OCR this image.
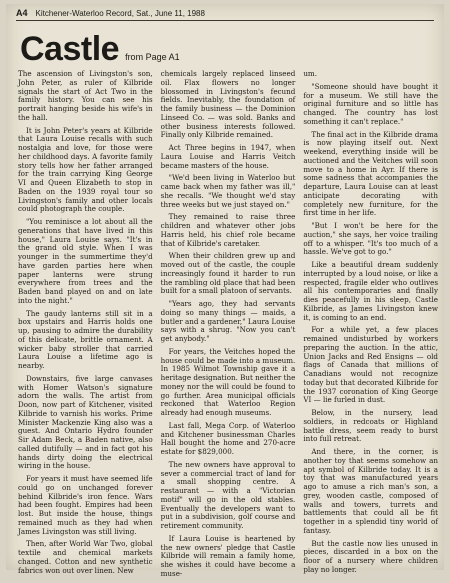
A4 Kitchener-Waterloo Record, Sat., June 11, 1988
Castle from Page A1

The ascension of Livingston's son, John Peter, as ruler of Kilbride signals the start of Act Two in the family history. You can see his portrait hanging beside his wife's in the hall.

It is John Peter's years at Kilbride that Laura Louise recalls with such nostalgia and love, for those were her childhood days. A favorite family story tells how her father arranged for the train carrying King George VI and Queen Elizabeth to stop in Baden on the 1939 royal tour so Livingston's family and other locals could photograph the couple.

"You reminisce a lot about all the generations that have lived in this house," Laura Louise says. "It's in the grand old style. When I was younger in the summertime they'd have garden parties here when paper lanterns were strung everywhere from trees and the Baden band played on and on late into the night."

The gaudy lanterns still sit in a box upstairs and Harris holds one up, pausing to admire the durability of this delicate, brittle ornament. A wicker baby stroller that carried Laura Louise a lifetime ago is nearby.

Downstairs, five large canvases with Homer Watson's signature adorn the walls. The artist from Doon, now part of Kitchener, visited Kilbride to varnish his works. Prime Minister Mackenzie King also was a guest. And Ontario Hydro founder Sir Adam Beck, a Baden native, also called dutifully — and in fact got his hands dirty doing the electrical wiring in the house.

For years it must have seemed life could go on unchanged forever behind Kilbride's iron fence. Wars had been fought. Empires had been lost. But inside the house, things remained much as they had when James Livingston was still living.

Then, after World War Two, global textile and chemical markets changed. Cotton and new synthetic fabrics won out over linen. New

chemicals largely replaced linseed oil. Flax flowers no longer blossomed in Livingston's fecund fields. Inevitably, the foundation of the family business — the Dominion Linseed Co. — was sold. Banks and other business interests followed. Finally only Kilbride remained.

Act Three begins in 1947, when Laura Louise and Harris Veitch became masters of the house.

"We'd been living in Waterloo but came back when my father was ill," she recalls. "We thought we'd stay three weeks but we just stayed on."

They remained to raise three children and whatever other jobs Harris held, his chief role became that of Kilbride's caretaker.

When their children grew up and moved out of the castle, the couple increasingly found it harder to run the rambling old place that had been built for a small platoon of servants.

"Years ago, they had servants doing so many things — maids, a butler and a gardener," Laura Louise says with a shrug. "Now you can't get anybody."

For years, the Veitches hoped the house could be made into a museum. In 1985 Wilmot Township gave it a heritage designation. But neither the money nor the will could be found to go further. Area municipal officials reckoned that Waterloo Region already had enough museums.

Last fall, Mega Corp. of Waterloo and Kitchener businessman Charles Hall bought the home and 270-acre estate for $829,000.

The new owners have approval to sever a commercial tract of land for a small shopping centre. A restaurant — with a "Victorian motif" will go in the old stables. Eventually the developers want to put in a subdivision, golf course and retirement community.

If Laura Louise is heartened by the new owners' pledge that Castle Kilbride will remain a family home, she wishes it could have become a muse-

um.

"Someone should have bought it for a museum. We still have the original furniture and so little has changed. The country has lost something it can't replace."

The final act in the Kilbride drama is now playing itself out. Next weekend, everything inside will be auctioned and the Veitches will soon move to a home in Ayr. If there is some sadness that accompanies the departure, Laura Louise can at least anticipate decorating with completely new furniture, for the first time in her life.

"But I won't be here for the auction," she says, her voice trailing off to a whisper. "It's too much of a hassle. We've got to go."

Like a beautiful dream suddenly interrupted by a loud noise, or like a respected, fragile elder who outlives all his contemporaries and finally dies peacefully in his sleep, Castle Kilbride, as James Livingston knew it, is coming to an end.

For a while yet, a few places remained undisturbed by workers preparing the auction. In the attic, Union Jacks and Red Ensigns — old flags of Canada that millions of Canadians would not recognize today but that decorated Kilbride for the 1937 coronation of King George VI — lie furled in dust.

Below, in the nursery, lead soldiers, in redcoats or Highland battle dress, seem ready to burst into full retreat.

And there, in the corner, is another toy that seems somehow an apt symbol of Kilbride today. It is a toy that was manufactured years ago to amuse a rich man's son, a grey, wooden castle, composed of walls and towers, turrets and battlements that could all be fit together in a splendid tiny world of fantasy.

But the castle now lies unused in pieces, discarded in a box on the floor of a nursery where children play no longer.
